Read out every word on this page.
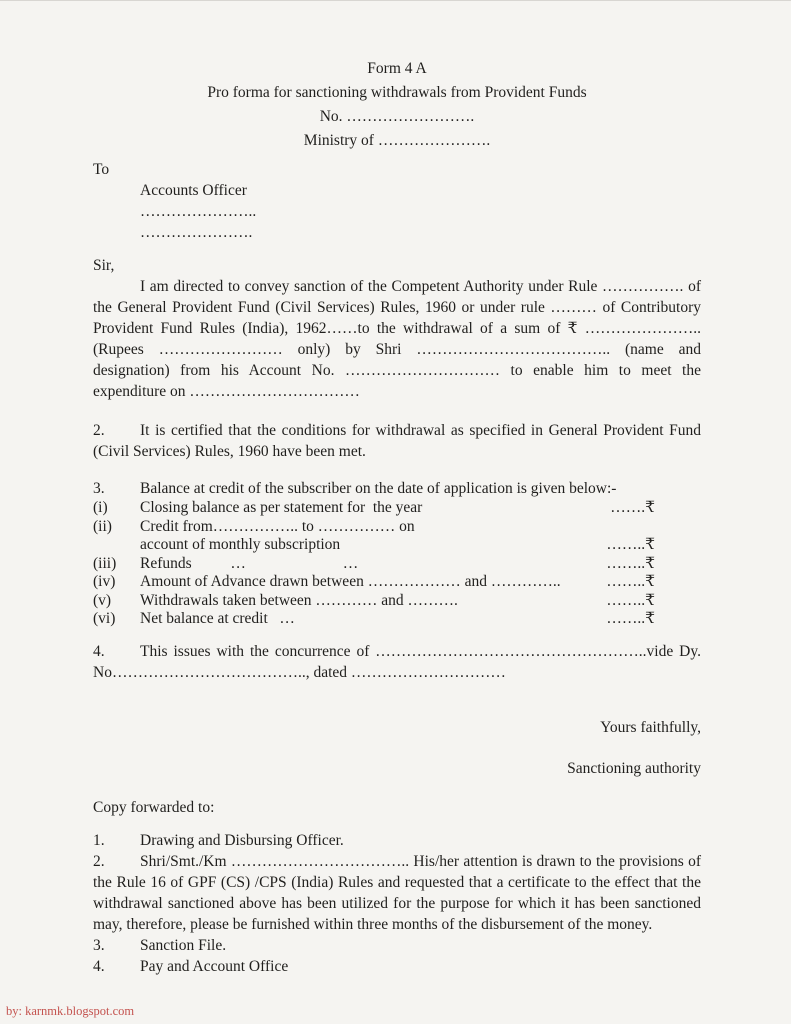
Form 4 A
Pro forma for sanctioning withdrawals from Provident Funds
No. …………………….
Ministry of ………………….
To
Accounts Officer
…………………..
………………….
Sir,

I am directed to convey sanction of the Competent Authority under Rule ……………. of the General Provident Fund (Civil Services) Rules, 1960 or under rule ……… of Contributory Provident Fund Rules (India), 1962……to the withdrawal of a sum of ₹ ………………….. (Rupees …………………… only) by Shri ……………………………….. (name and designation) from his Account No. ………………………… to enable him to meet the expenditure on ……………………………

2. It is certified that the conditions for withdrawal as specified in General Provident Fund (Civil Services) Rules, 1960 have been met.

3. Balance at credit of the subscriber on the date of application is given below:-

(i)	Closing balance as per statement for  the year	…….₹
(ii)	Credit from…………….. to …………… on
account of monthly subscription	……..₹
(iii)	Refunds          …                         …	……..₹
(iv)	Amount of Advance drawn between ……………… and …………..	……..₹
(v)	Withdrawals taken between ………… and ……….	……..₹
(vi)	Net balance at credit   …	……..₹

4. This issues with the concurrence of ……………………………………………..vide Dy. No……………………………….., dated …………………………

Yours faithfully,
Sanctioning authority
Copy forwarded to:

1. Drawing and Disbursing Officer.

2. Shri/Smt./Km …………………………….. His/her attention is drawn to the provisions of the Rule 16 of GPF (CS) /CPS (India) Rules and requested that a certificate to the effect that the withdrawal sanctioned above has been utilized for the purpose for which it has been sanctioned may, therefore, please be furnished within three months of the disbursement of the money.

3. Sanction File.

4. Pay and Account Office

by: karnmk.blogspot.com
